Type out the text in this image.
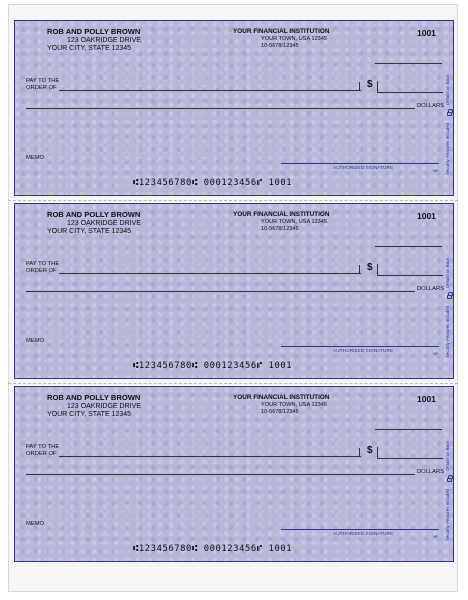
ROB AND POLLY BROWN
123 OAKRIDGE DRIVE
YOUR CITY, STATE 12345
YOUR FINANCIAL INSTITUTION
YOUR TOWN, USA 12345
10-5678/12345
1001
PAY TO THE
ORDER OF	$
DOLLARS
MEMO
AUTHORIZED SIGNATURE	MP
⑆123456780⑆ 000123456⑈ 1001
Details on Back
Security Features Included
ROB AND POLLY BROWN
123 OAKRIDGE DRIVE
YOUR CITY, STATE 12345
YOUR FINANCIAL INSTITUTION
YOUR TOWN, USA 12345
10-5678/12345
1001
PAY TO THE
ORDER OF	$
DOLLARS
MEMO
AUTHORIZED SIGNATURE	MP
⑆123456780⑆ 000123456⑈ 1001
Details on Back
Security Features Included
ROB AND POLLY BROWN
123 OAKRIDGE DRIVE
YOUR CITY, STATE 12345
YOUR FINANCIAL INSTITUTION
YOUR TOWN, USA 12345
10-5678/12345
1001
PAY TO THE
ORDER OF	$
DOLLARS
MEMO
AUTHORIZED SIGNATURE	MP
⑆123456780⑆ 000123456⑈ 1001
Details on Back
Security Features Included
